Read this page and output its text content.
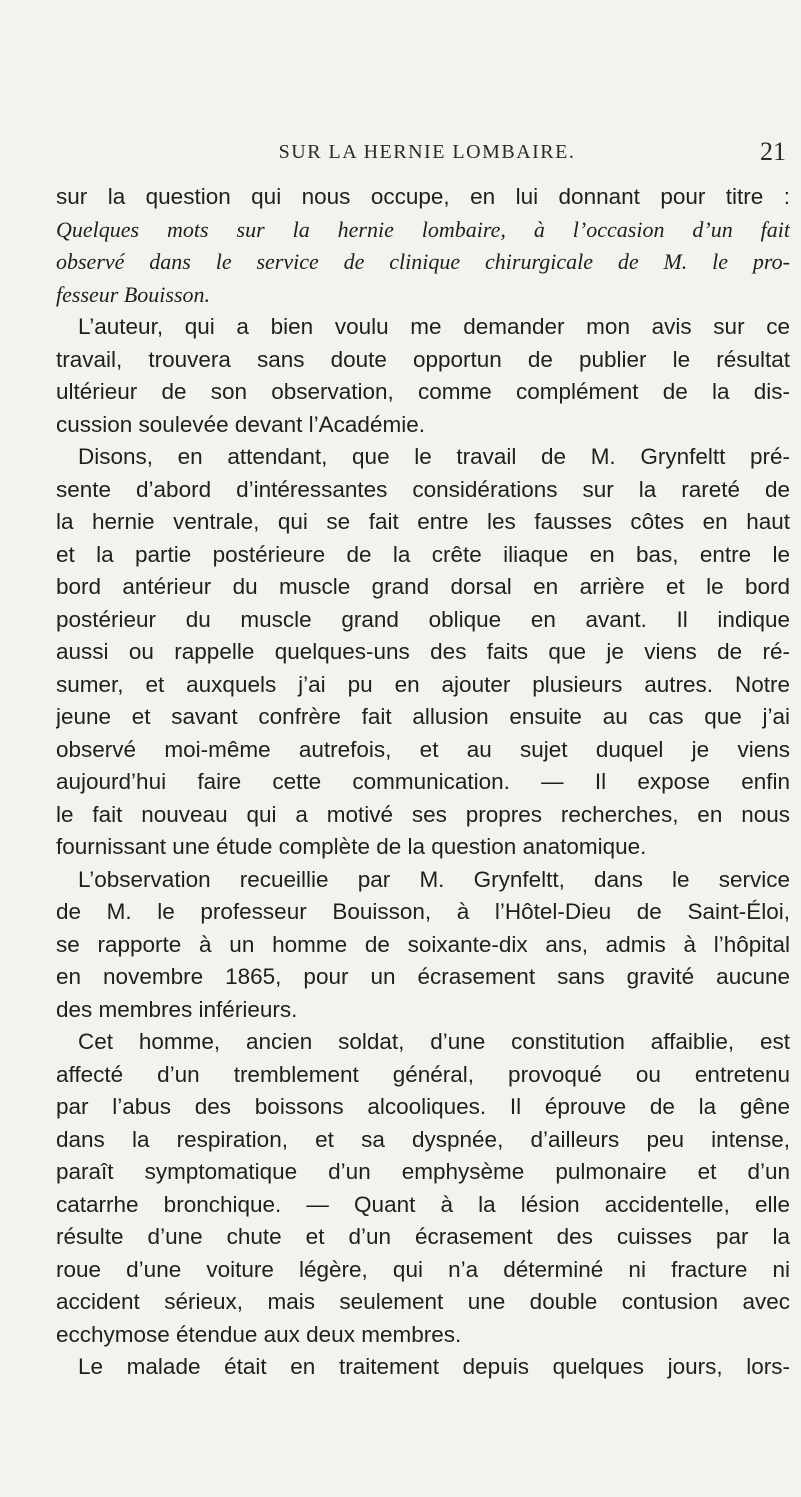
SUR LA HERNIE LOMBAIRE.	21
sur la question qui nous occupe, en lui donnant pour titre :
Quelques mots sur la hernie lombaire, à l’occasion d’un fait
observé dans le service de clinique chirurgicale de M. le pro-
fesseur Bouisson.
L’auteur, qui a bien voulu me demander mon avis sur ce
travail, trouvera sans doute opportun de publier le résultat
ultérieur de son observation, comme complément de la dis-
cussion soulevée devant l’Académie.
Disons, en attendant, que le travail de M. Grynfeltt pré-
sente d’abord d’intéressantes considérations sur la rareté de
la hernie ventrale, qui se fait entre les fausses côtes en haut
et la partie postérieure de la crête iliaque en bas, entre le
bord antérieur du muscle grand dorsal en arrière et le bord
postérieur du muscle grand oblique en avant. Il indique
aussi ou rappelle quelques-uns des faits que je viens de ré-
sumer, et auxquels j’ai pu en ajouter plusieurs autres. Notre
jeune et savant confrère fait allusion ensuite au cas que j’ai
observé moi-même autrefois, et au sujet duquel je viens
aujourd’hui faire cette communication. — Il expose enfin
le fait nouveau qui a motivé ses propres recherches, en nous
fournissant une étude complète de la question anatomique.
L’observation recueillie par M. Grynfeltt, dans le service
de M. le professeur Bouisson, à l’Hôtel-Dieu de Saint-Éloi,
se rapporte à un homme de soixante-dix ans, admis à l’hôpital
en novembre 1865, pour un écrasement sans gravité aucune
des membres inférieurs.
Cet homme, ancien soldat, d’une constitution affaiblie, est
affecté d’un tremblement général, provoqué ou entretenu
par l’abus des boissons alcooliques. Il éprouve de la gêne
dans la respiration, et sa dyspnée, d’ailleurs peu intense,
paraît symptomatique d’un emphysème pulmonaire et d’un
catarrhe bronchique. — Quant à la lésion accidentelle, elle
résulte d’une chute et d’un écrasement des cuisses par la
roue d’une voiture légère, qui n’a déterminé ni fracture ni
accident sérieux, mais seulement une double contusion avec
ecchymose étendue aux deux membres.
Le malade était en traitement depuis quelques jours, lors-
